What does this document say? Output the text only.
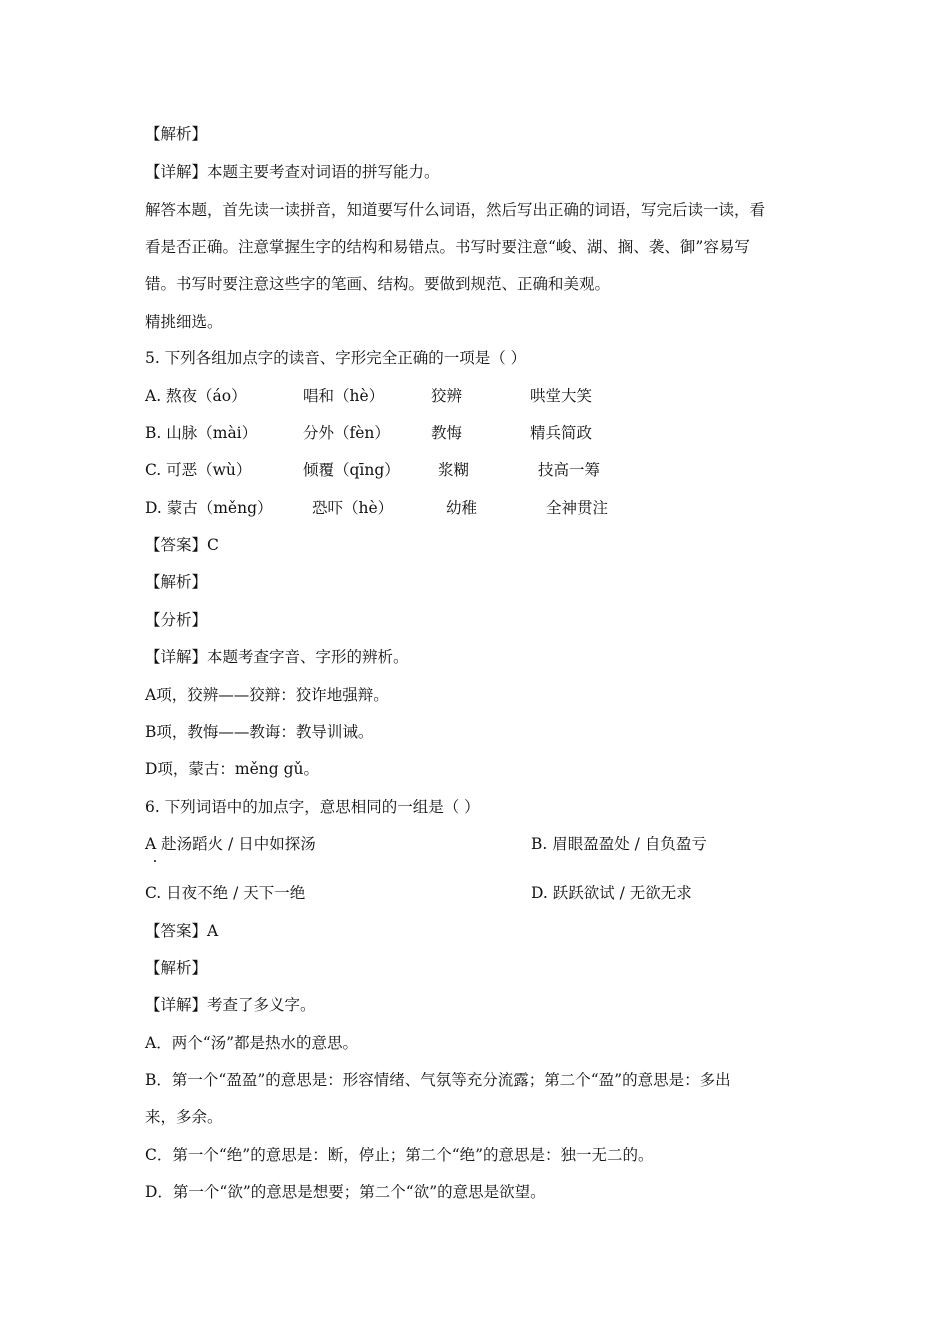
【解析】
【详解】本题主要考查对词语的拼写能力。
解答本题，首先读一读拼音，知道要写什么词语，然后写出正确的词语，写完后读一读，看
看是否正确。注意掌握生字的结构和易错点。书写时要注意“峻、湖、搁、袭、御”容易写
错。书写时要注意这些字的笔画、结构。要做到规范、正确和美观。
精挑细选。
5. 下列各组加点字的读音、字形完全正确的一项是（ ）
A. 熬夜（áo）	唱和（hè）	狡辨	哄堂大笑
B. 山脉（mài）	分外（fèn）	教悔	精兵简政
C. 可恶（wù）	倾覆（qīng） 浆糊	技高一筹
D. 蒙古（měng）	恐吓（hè）	幼稚	全神贯注
【答案】C
【解析】
【分析】
【详解】本题考查字音、字形的辨析。
A项，狡辨——狡辩：狡诈地强辩。
B项，教悔——教诲：教导训诫。
D项，蒙古：měng gǔ。
6. 下列词语中的加点字，意思相同的一组是（ ）
A 赴汤蹈火 / 日中如探汤	B. 眉眼盈盈处 / 自负盈亏
C. 日夜不绝 / 天下一绝	D. 跃跃欲试 / 无欲无求
【答案】A
【解析】
【详解】考查了多义字。
A．两个“汤”都是热水的意思。
B．第一个“盈盈”的意思是：形容情绪、气氛等充分流露；第二个“盈”的意思是：多出
来，多余。
C．第一个“绝”的意思是：断，停止；第二个“绝”的意思是：独一无二的。
D．第一个“欲”的意思是想要；第二个“欲”的意思是欲望。
